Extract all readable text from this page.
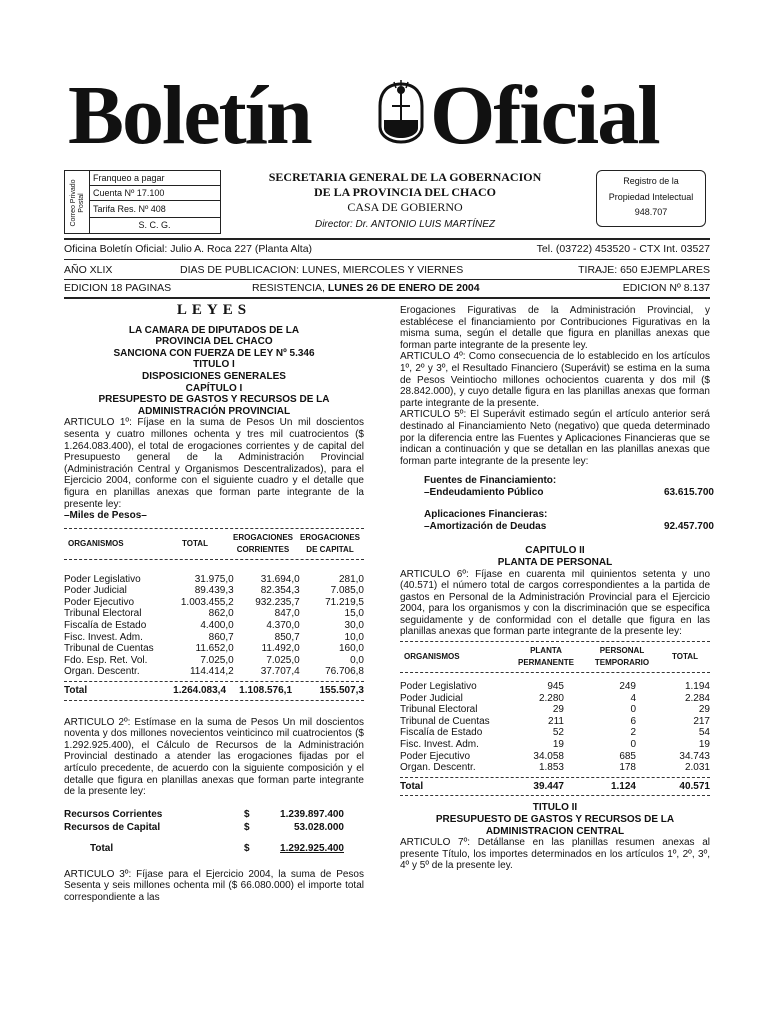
Boletín Oficial
Correo Privado Postal
Franqueo a pagar
Cuenta Nº 17.100
Tarifa Res. Nº 408
S. C. G.
SECRETARIA GENERAL DE LA GOBERNACION
DE LA PROVINCIA DEL CHACO
CASA DE GOBIERNO
Director: Dr. ANTONIO LUIS MARTÍNEZ
Registro de la
Propiedad Intelectual
948.707
Oficina Boletín Oficial: Julio A. Roca 227 (Planta Alta)	Tel. (03722) 453520 - CTX Int. 03527
AÑO XLIX	DIAS DE PUBLICACION: LUNES, MIERCOLES Y VIERNES	TIRAJE: 650 EJEMPLARES
EDICION 18 PAGINAS	RESISTENCIA, LUNES 26 DE ENERO DE 2004	EDICION Nº 8.137
LEYES
LA CAMARA DE DIPUTADOS DE LA
PROVINCIA DEL CHACO
SANCIONA CON FUERZA DE LEY Nº 5.346
TITULO I
DISPOSICIONES GENERALES
CAPÍTULO I
PRESUPESTO DE GASTOS Y RECURSOS DE LA
ADMINISTRACIÓN PROVINCIAL
ARTICULO 1º: Fíjase en la suma de Pesos Un mil doscientos sesenta y cuatro millones ochenta y tres mil cuatrocientos ($ 1.264.083.400), el total de erogaciones corrientes y de capital del Presupuesto general de la Administración Provincial (Administración Central y Organismos Descentralizados), para el Ejercicio 2004, conforme con el siguiente cuadro y el detalle que figura en planillas anexas que forman parte integrante de la presente ley:
–Miles de Pesos–
ORGANISMOS	TOTAL	EROGACIONES CORRIENTES	EROGACIONES DE CAPITAL
Poder Legislativo	31.975,0	31.694,0	281,0
Poder Judicial	89.439,3	82.354,3	7.085,0
Poder Ejecutivo	1.003.455,2	932.235,7	71.219,5
Tribunal Electoral	862,0	847,0	15,0
Fiscalía de Estado	4.400,0	4.370,0	30,0
Fisc. Invest. Adm.	860,7	850,7	10,0
Tribunal de Cuentas	11.652,0	11.492,0	160,0
Fdo. Esp. Ret. Vol.	7.025,0	7.025,0	0,0
Organ. Descentr.	114.414,2	37.707,4	76.706,8
Total	1.264.083,4	1.108.576,1	155.507,3
ARTICULO 2º: Estímase en la suma de Pesos Un mil doscientos noventa y dos millones novecientos veinticinco mil cuatrocientos ($ 1.292.925.400), el Cálculo de Recursos de la Administración Provincial destinado a atender las erogaciones fijadas por el artículo precedente, de acuerdo con la siguiente composición y el detalle que figura en planillas anexas que forman parte integrante de la presente ley:
Recursos Corrientes	$	1.239.897.400
Recursos de Capital	$	53.028.000

Total	$	1.292.925.400
ARTICULO 3º: Fíjase para el Ejercicio 2004, la suma de Pesos Sesenta y seis millones ochenta mil ($ 66.080.000) el importe total correspondiente a las
Erogaciones Figurativas de la Administración Provincial, y establécese el financiamiento por Contribuciones Figurativas en la misma suma, según el detalle que figura en planillas anexas que forman parte integrante de la presente ley.
ARTICULO 4º: Como consecuencia de lo establecido en los artículos 1º, 2º y 3º, el Resultado Financiero (Superávit) se estima en la suma de Pesos Veintiocho millones ochocientos cuarenta y dos mil ($ 28.842.000), y cuyo detalle figura en las planillas anexas que forman parte integrante de la presente.
ARTICULO 5º: El Superávit estimado según el artículo anterior será destinado al Financiamiento Neto (negativo) que queda determinado por la diferencia entre las Fuentes y Aplicaciones Financieras que se indican a continuación y que se detallan en las planillas anexas que forman parte integrante de la presente ley:
Fuentes de Financiamiento:	
–Endeudamiento Público	63.615.700

Aplicaciones Financieras:	
–Amortización de Deudas	92.457.700
CAPITULO II
PLANTA DE PERSONAL
ARTICULO 6º: Fíjase en cuarenta mil quinientos setenta y uno (40.571) el número total de cargos correspondientes a la partida de gastos en Personal de la Administración Provincial para el Ejercicio 2004, para los organismos y con la discriminación que se especifica seguidamente y de conformidad con el detalle que figura en las planillas anexas que forman parte integrante de la presente ley:
ORGANISMOS	PLANTA PERMANENTE	PERSONAL TEMPORARIO	TOTAL
Poder Legislativo	945	249	1.194
Poder Judicial	2.280	4	2.284
Tribunal Electoral	29	0	29
Tribunal de Cuentas	211	6	217
Fiscalía de Estado	52	2	54
Fisc. Invest. Adm.	19	0	19
Poder Ejecutivo	34.058	685	34.743
Organ. Descentr.	1.853	178	2.031
Total	39.447	1.124	40.571
TITULO II
PRESUPUESTO DE GASTOS Y RECURSOS DE LA
ADMINISTRACION CENTRAL
ARTICULO 7º: Detállanse en las planillas resumen anexas al presente Título, los importes determinados en los artículos 1º, 2º, 3º, 4º y 5º de la presente ley.
